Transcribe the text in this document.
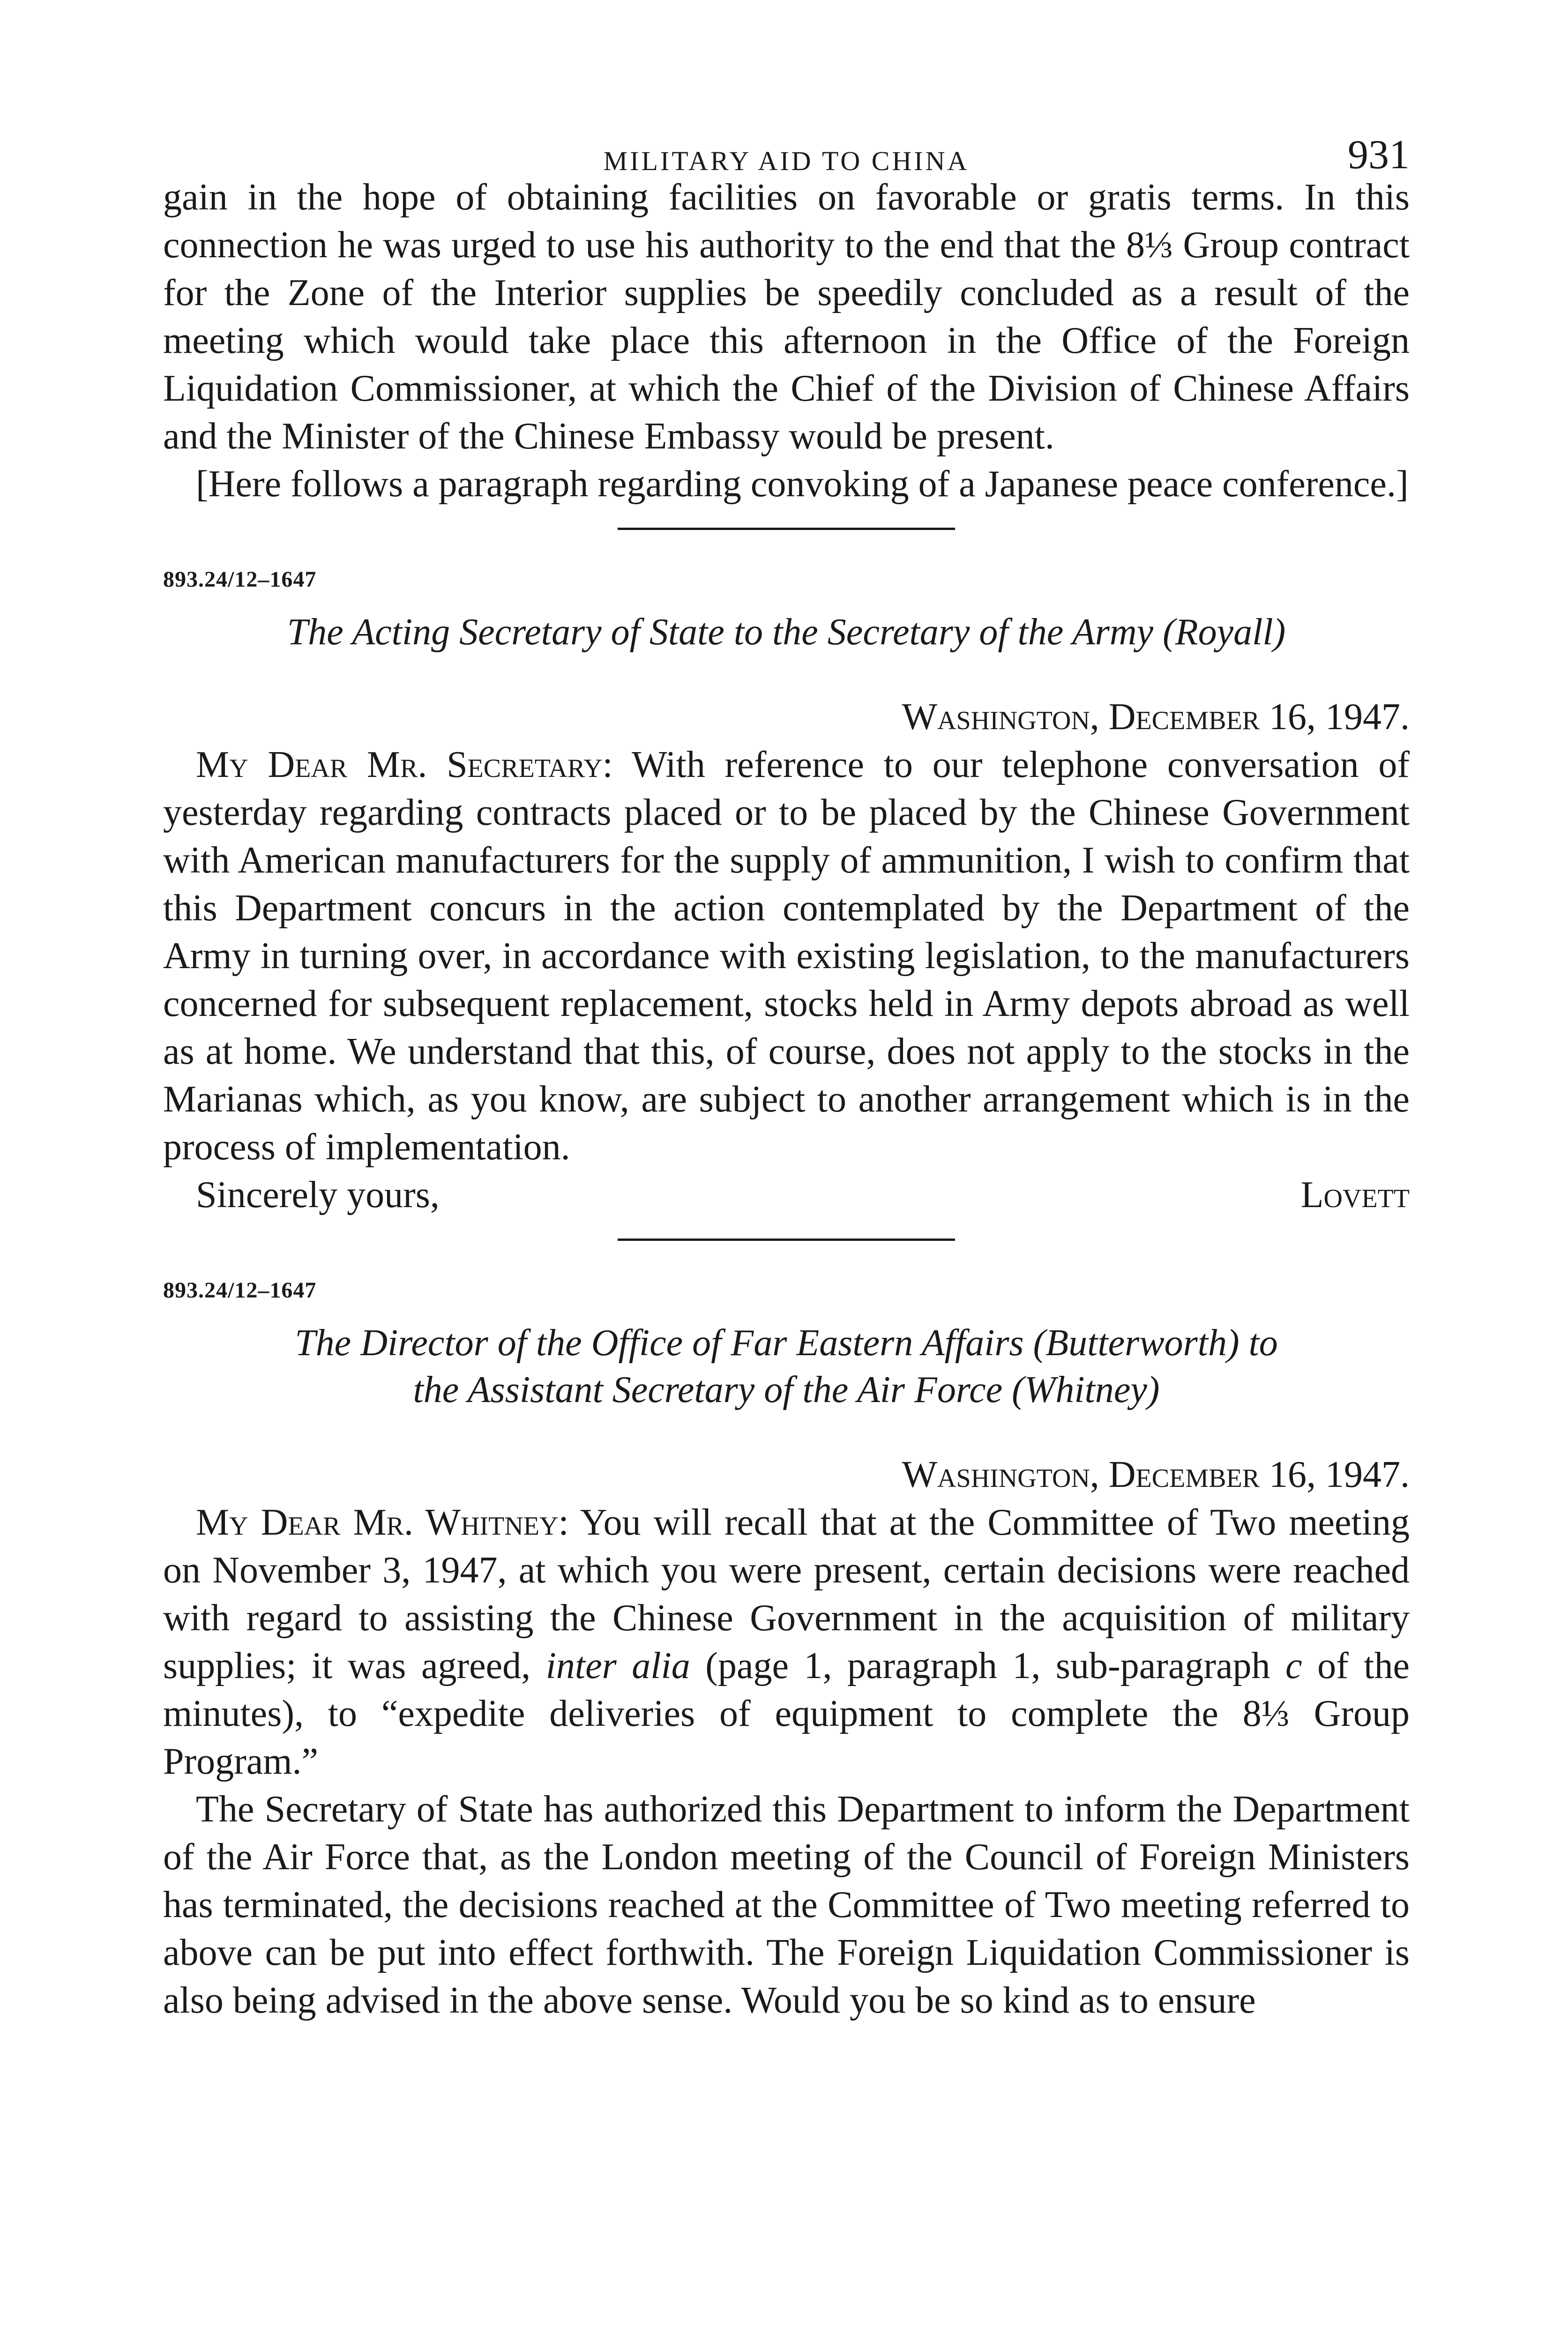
MILITARY AID TO CHINA	931

gain in the hope of obtaining facilities on favorable or gratis terms. In this connection he was urged to use his authority to the end that the 8⅓ Group contract for the Zone of the Interior supplies be speedily concluded as a result of the meeting which would take place this afternoon in the Office of the Foreign Liquidation Commissioner, at which the Chief of the Division of Chinese Affairs and the Minister of the Chinese Embassy would be present.

[Here follows a paragraph regarding convoking of a Japanese peace conference.]

893.24/12–1647
The Acting Secretary of State to the Secretary of the Army (Royall)
Washington, December 16, 1947.

My Dear Mr. Secretary: With reference to our telephone conversation of yesterday regarding contracts placed or to be placed by the Chinese Government with American manufacturers for the supply of ammunition, I wish to confirm that this Department concurs in the action contemplated by the Department of the Army in turning over, in accordance with existing legislation, to the manufacturers concerned for subsequent replacement, stocks held in Army depots abroad as well as at home. We understand that this, of course, does not apply to the stocks in the Marianas which, as you know, are subject to another arrangement which is in the process of implementation.

Sincerely yours,	Lovett
893.24/12–1647
The Director of the Office of Far Eastern Affairs (Butterworth) to
the Assistant Secretary of the Air Force (Whitney)
Washington, December 16, 1947.

My Dear Mr. Whitney: You will recall that at the Committee of Two meeting on November 3, 1947, at which you were present, certain decisions were reached with regard to assisting the Chinese Government in the acquisition of military supplies; it was agreed, inter alia (page 1, paragraph 1, sub-paragraph c of the minutes), to “expedite deliveries of equipment to complete the 8⅓ Group Program.”

The Secretary of State has authorized this Department to inform the Department of the Air Force that, as the London meeting of the Council of Foreign Ministers has terminated, the decisions reached at the Committee of Two meeting referred to above can be put into effect forthwith. The Foreign Liquidation Commissioner is also being advised in the above sense. Would you be so kind as to ensure
